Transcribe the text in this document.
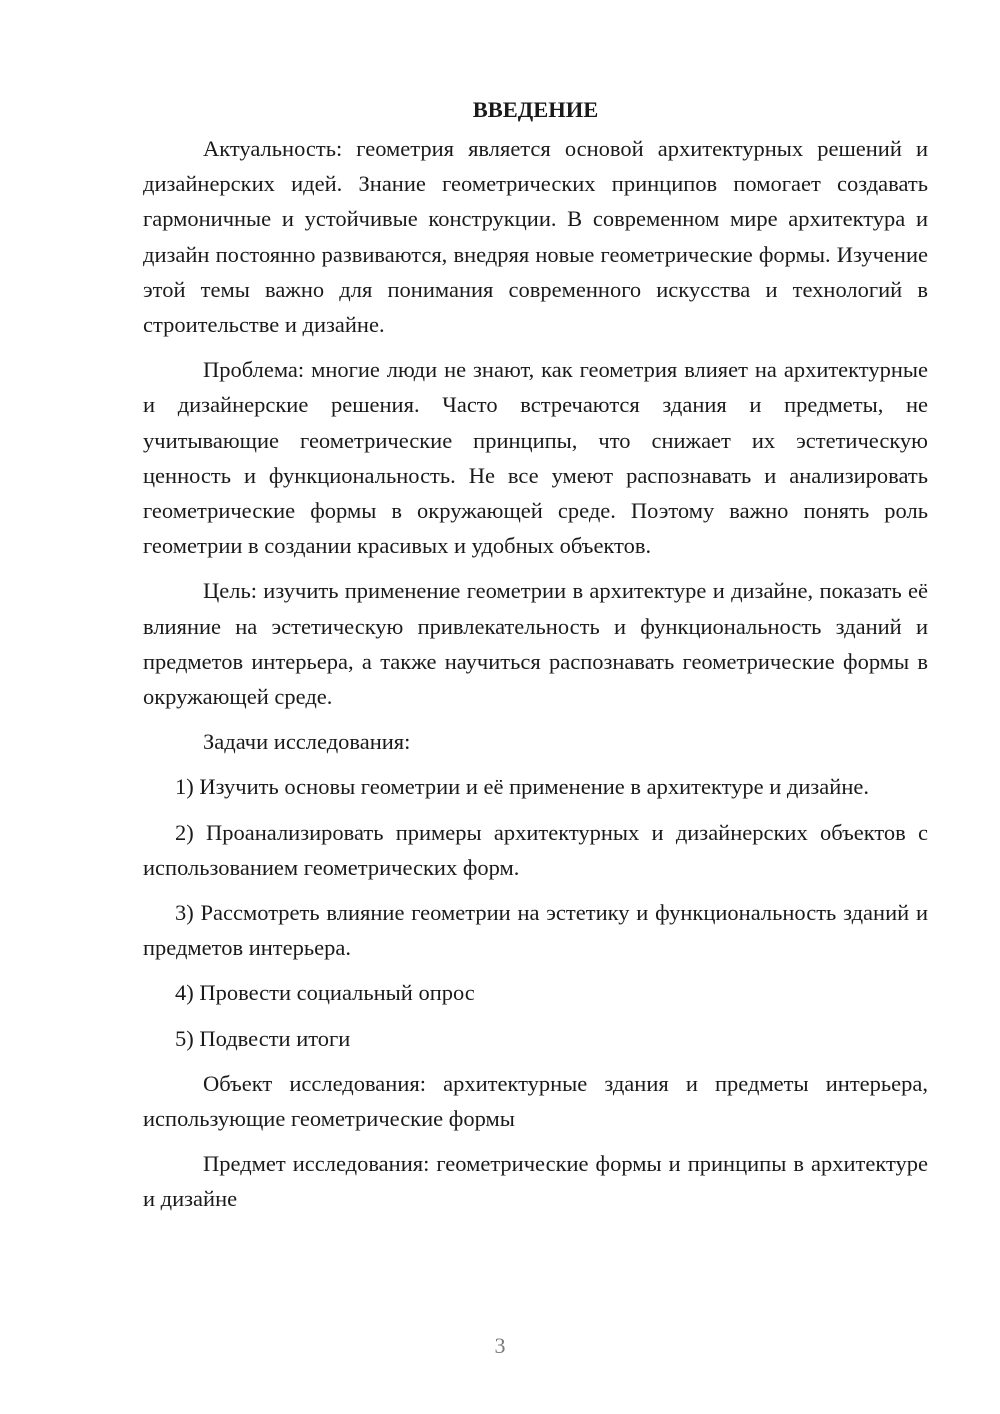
ВВЕДЕНИЕ

Актуальность: геометрия является основой архитектурных решений и дизайнерских идей. Знание геометрических принципов помогает создавать гармоничные и устойчивые конструкции. В современном мире архитектура и дизайн постоянно развиваются, внедряя новые геометрические формы. Изучение этой темы важно для понимания современного искусства и технологий в строительстве и дизайне.

Проблема: многие люди не знают, как геометрия влияет на архитектурные и дизайнерские решения. Часто встречаются здания и предметы, не учитывающие геометрические принципы, что снижает их эстетическую ценность и функциональность. Не все умеют распознавать и анализировать геометрические формы в окружающей среде. Поэтому важно понять роль геометрии в создании красивых и удобных объектов.

Цель: изучить применение геометрии в архитектуре и дизайне, показать её влияние на эстетическую привлекательность и функциональность зданий и предметов интерьера, а также научиться распознавать геометрические формы в окружающей среде.

Задачи исследования:

1) Изучить основы геометрии и её применение в архитектуре и дизайне.

2) Проанализировать примеры архитектурных и дизайнерских объектов с использованием геометрических форм.

3) Рассмотреть влияние геометрии на эстетику и функциональность зданий и предметов интерьера.

4) Провести социальный опрос

5) Подвести итоги

Объект исследования: архитектурные здания и предметы интерьера, использующие геометрические формы

Предмет исследования: геометрические формы и принципы в архитектуре и дизайне

3
